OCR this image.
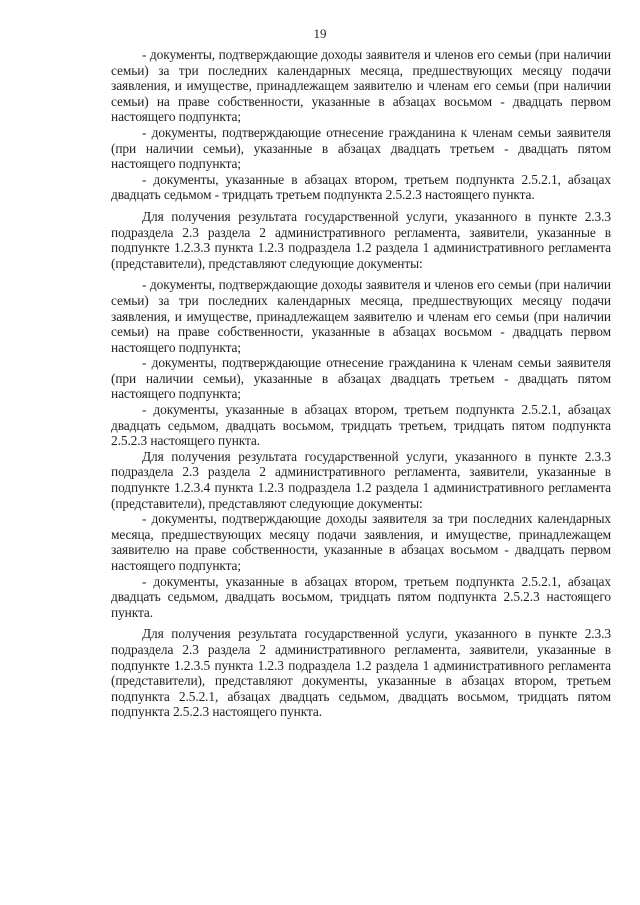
19

- документы, подтверждающие доходы заявителя и членов его семьи (при наличии семьи) за три последних календарных месяца, предшествующих месяцу подачи заявления, и имуществе, принадлежащем заявителю и членам его семьи (при наличии семьи) на праве собственности, указанные в абзацах восьмом - двадцать первом настоящего подпункта;

- документы, подтверждающие отнесение гражданина к членам семьи заявителя (при наличии семьи), указанные в абзацах двадцать третьем - двадцать пятом настоящего подпункта;

- документы, указанные в абзацах втором, третьем подпункта 2.5.2.1, абзацах двадцать седьмом - тридцать третьем подпункта 2.5.2.3 настоящего пункта.

Для получения результата государственной услуги, указанного в пункте 2.3.3 подраздела 2.3 раздела 2 административного регламента, заявители, указанные в подпункте 1.2.3.3 пункта 1.2.3 подраздела 1.2 раздела 1 административного регламента (представители), представляют следующие документы:

- документы, подтверждающие доходы заявителя и членов его семьи (при наличии семьи) за три последних календарных месяца, предшествующих месяцу подачи заявления, и имуществе, принадлежащем заявителю и членам его семьи (при наличии семьи) на праве собственности, указанные в абзацах восьмом - двадцать первом настоящего подпункта;

- документы, подтверждающие отнесение гражданина к членам семьи заявителя (при наличии семьи), указанные в абзацах двадцать третьем - двадцать пятом настоящего подпункта;

- документы, указанные в абзацах втором, третьем подпункта 2.5.2.1, абзацах двадцать седьмом, двадцать восьмом, тридцать третьем, тридцать пятом подпункта 2.5.2.3 настоящего пункта.

Для получения результата государственной услуги, указанного в пункте 2.3.3 подраздела 2.3 раздела 2 административного регламента, заявители, указанные в подпункте 1.2.3.4 пункта 1.2.3 подраздела 1.2 раздела 1 административного регламента (представители), представляют следующие документы:

- документы, подтверждающие доходы заявителя за три последних календарных месяца, предшествующих месяцу подачи заявления, и имуществе, принадлежащем заявителю на праве собственности, указанные в абзацах восьмом - двадцать первом настоящего подпункта;

- документы, указанные в абзацах втором, третьем подпункта 2.5.2.1, абзацах двадцать седьмом, двадцать восьмом, тридцать пятом подпункта 2.5.2.3 настоящего пункта.

Для получения результата государственной услуги, указанного в пункте 2.3.3 подраздела 2.3 раздела 2 административного регламента, заявители, указанные в подпункте 1.2.3.5 пункта 1.2.3 подраздела 1.2 раздела 1 административного регламента (представители), представляют документы, указанные в абзацах втором, третьем подпункта 2.5.2.1, абзацах двадцать седьмом, двадцать восьмом, тридцать пятом подпункта 2.5.2.3 настоящего пункта.
